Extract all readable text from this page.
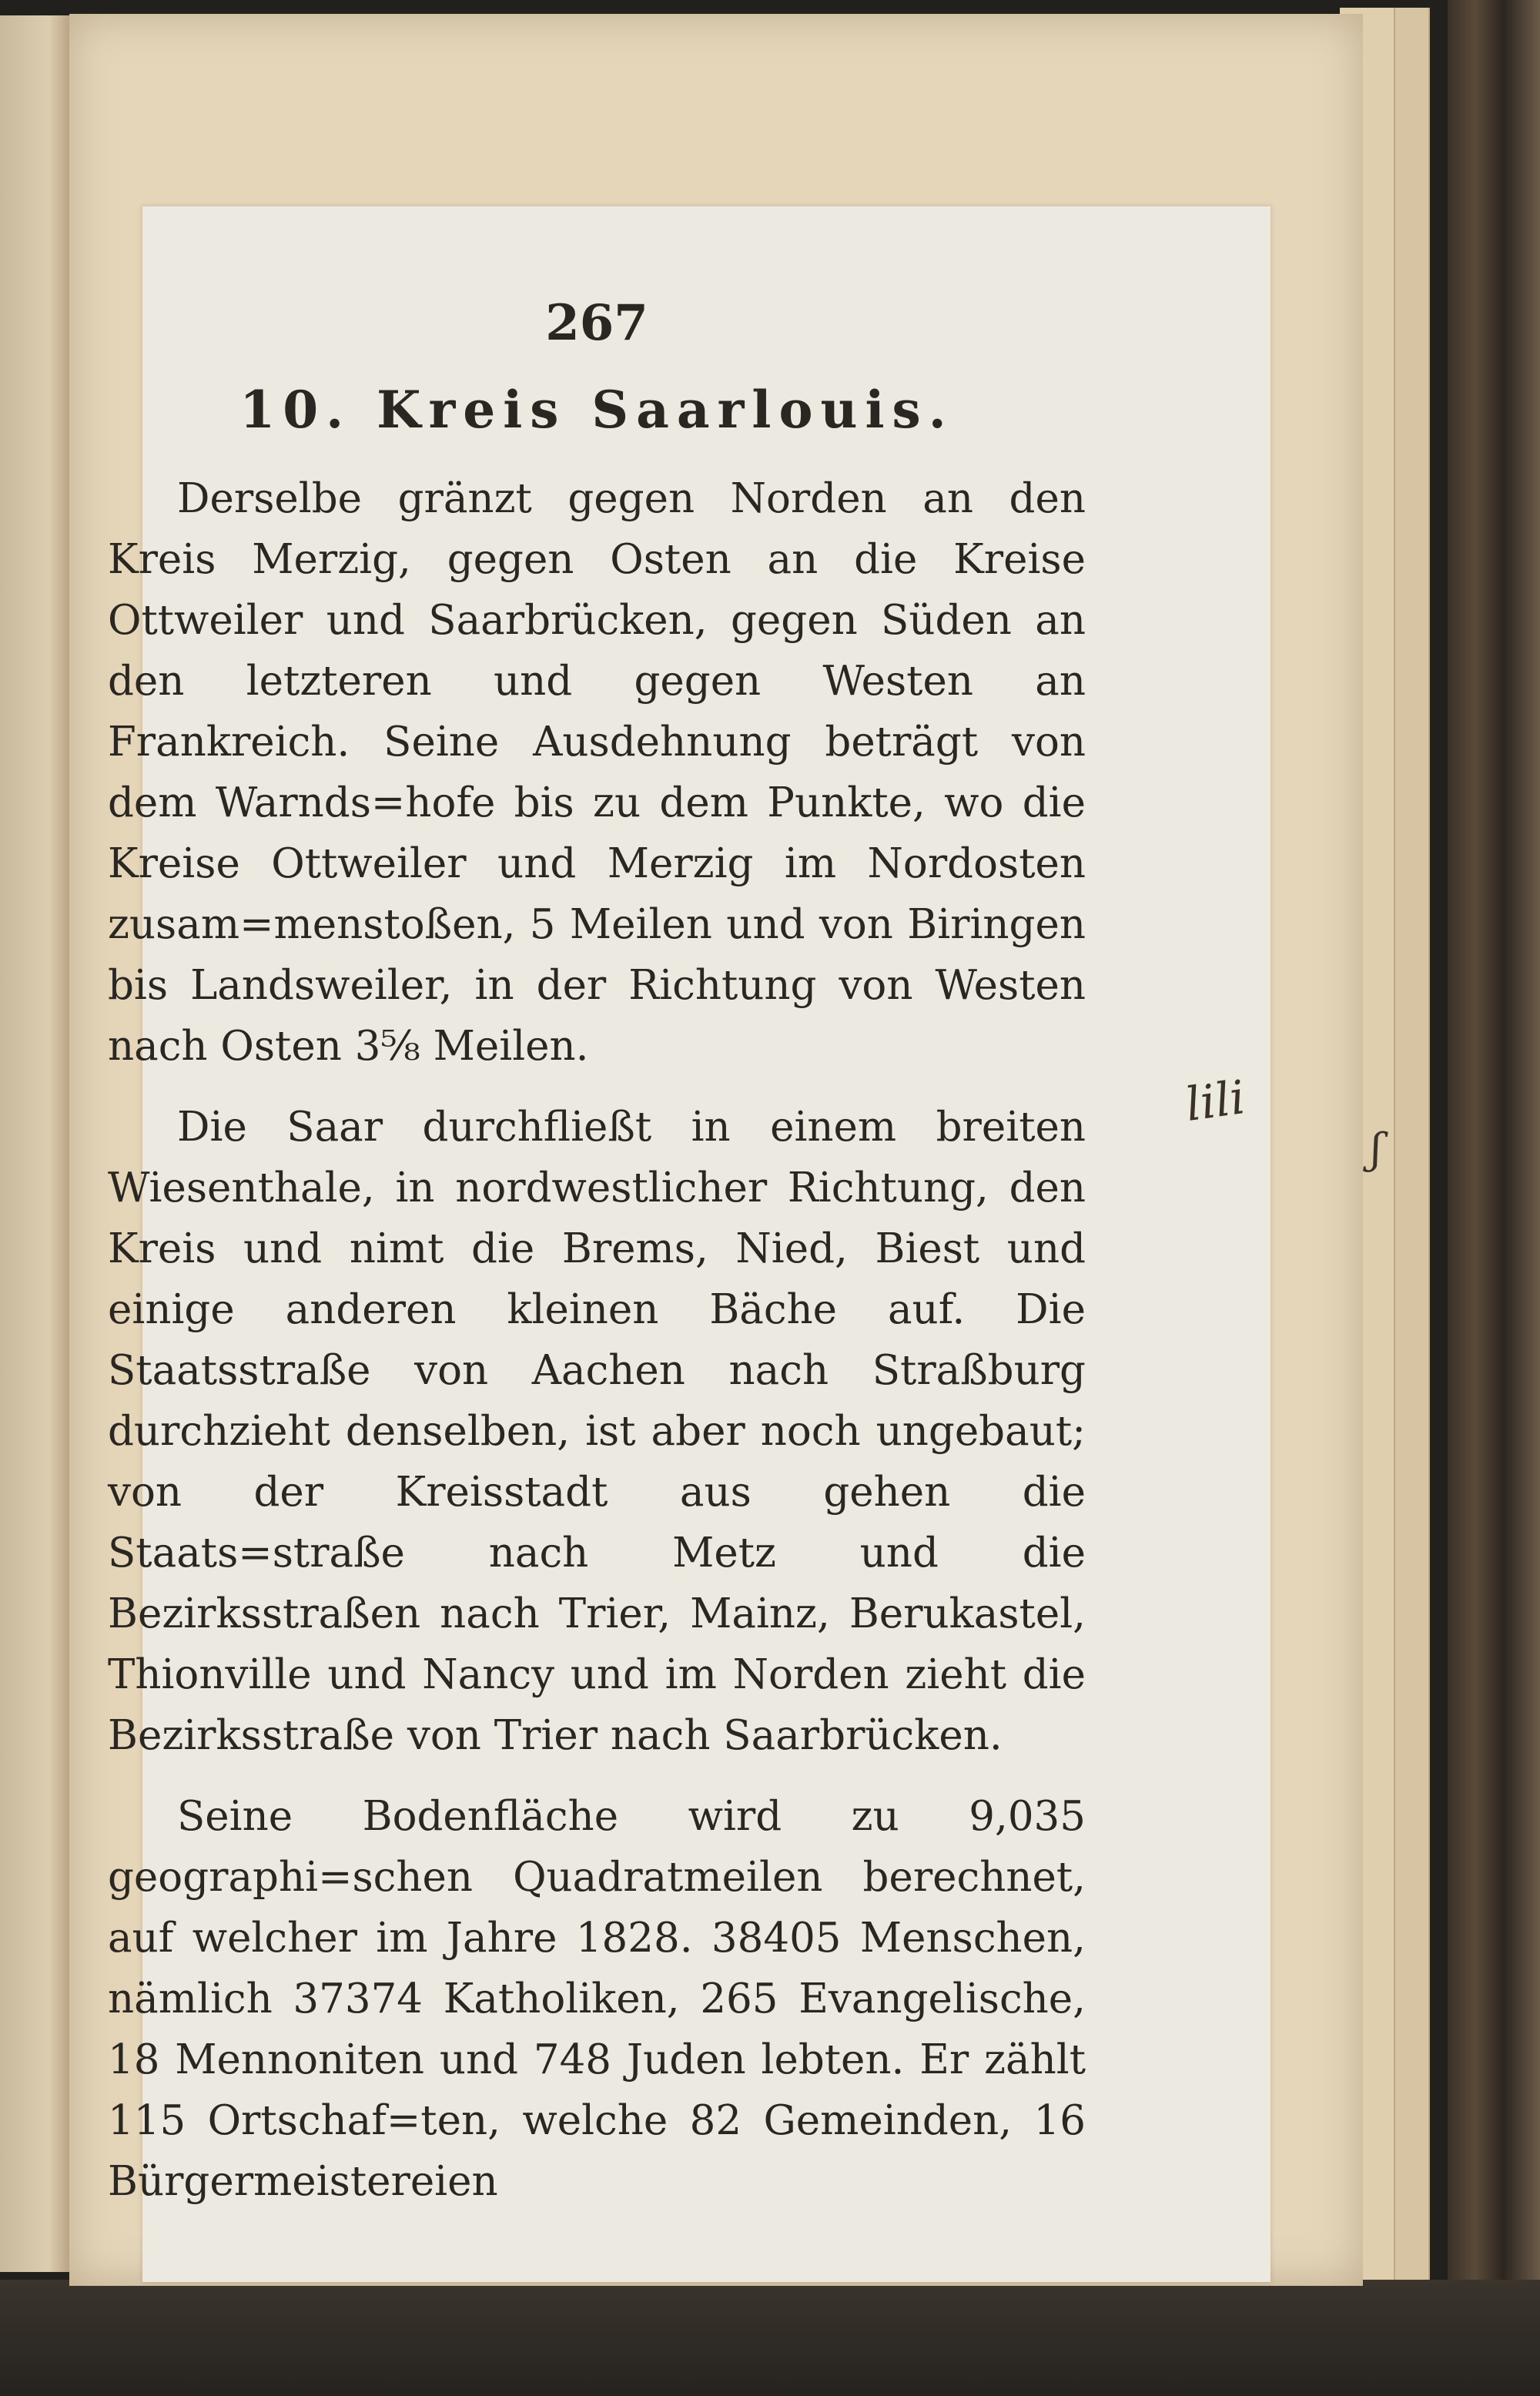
267
10. Kreis Saarlouis.

Derselbe gränzt gegen Norden an den Kreis Merzig, gegen Osten an die Kreise Ottweiler und Saarbrücken, gegen Süden an den letzteren und gegen Westen an Frankreich. Seine Ausdehnung beträgt von dem Warnds=hofe bis zu dem Punkte, wo die Kreise Ottweiler und Merzig im Nordosten zusam=menstoßen, 5 Meilen und von Biringen bis Landsweiler, in der Richtung von Westen nach Osten 3⅝ Meilen.

Die Saar durchfließt in einem breiten Wiesenthale, in nordwestlicher Richtung, den Kreis und nimt die Brems, Nied, Biest und einige anderen kleinen Bäche auf. Die Staatsstraße von Aachen nach Straßburg durchzieht denselben, ist aber noch ungebaut; von der Kreisstadt aus gehen die Staats=straße nach Metz und die Bezirksstraßen nach Trier, Mainz, Berukastel, Thionville und Nancy und im Norden zieht die Bezirksstraße von Trier nach Saarbrücken.

Seine Bodenfläche wird zu 9,035 geographi=schen Quadratmeilen berechnet, auf welcher im Jahre 1828. 38405 Menschen, nämlich 37374 Katholiken, 265 Evangelische, 18 Mennoniten und 748 Juden lebten. Er zählt 115 Ortschaf=ten, welche 82 Gemeinden, 16 Bürgermeistereien

lili
ʃ
